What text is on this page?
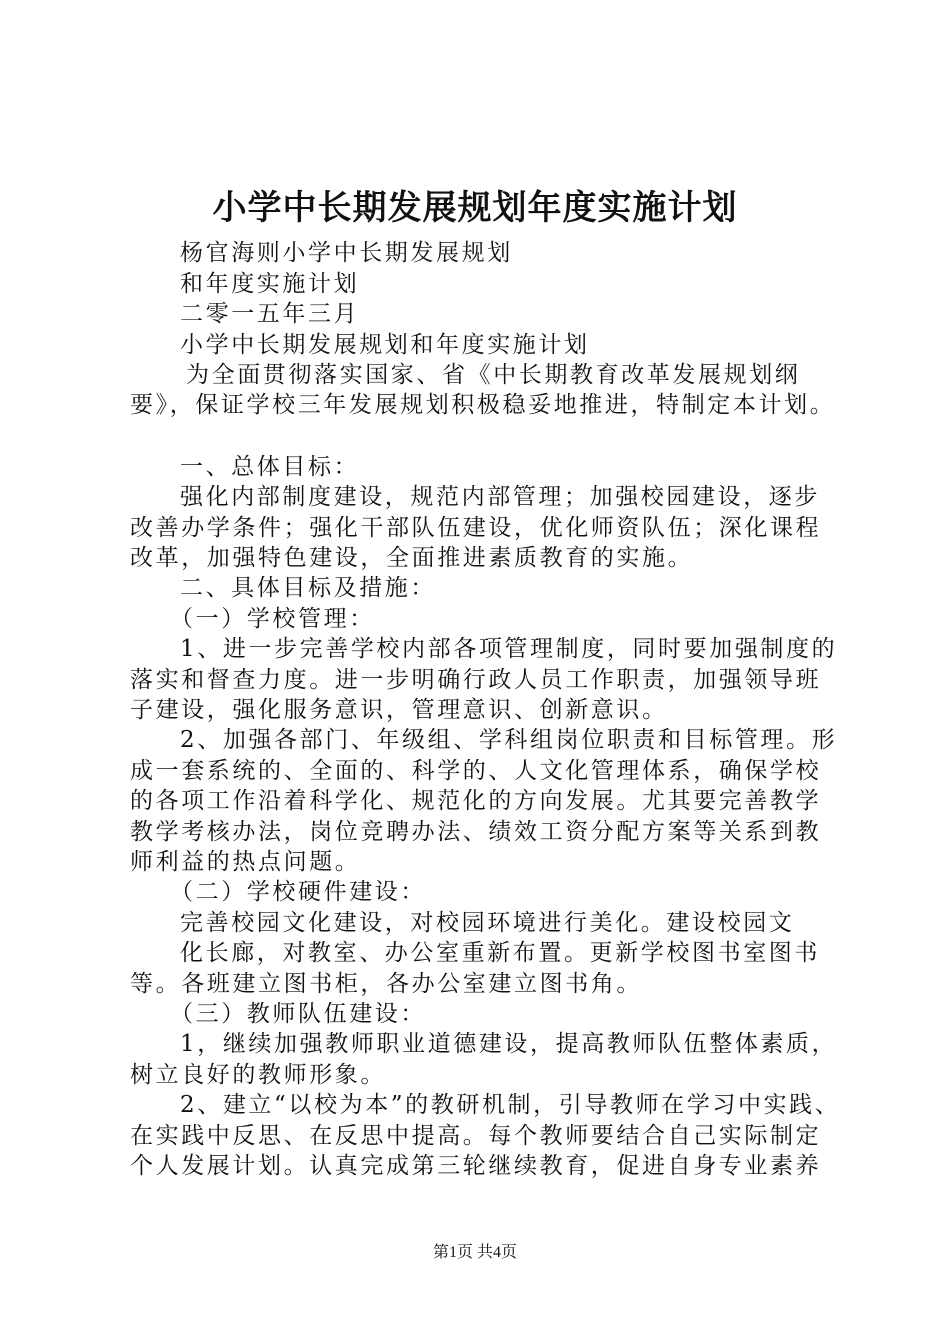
小学中长期发展规划年度实施计划
杨官海则小学中长期发展规划
和年度实施计划
二零一五年三月
小学中长期发展规划和年度实施计划
为全面贯彻落实国家、省《中长期教育改革发展规划纲
要》，保证学校三年发展规划积极稳妥地推进，特制定本计划。
一、总体目标：
强化内部制度建设，规范内部管理；加强校园建设，逐步
改善办学条件；强化干部队伍建设，优化师资队伍；深化课程
改革，加强特色建设，全面推进素质教育的实施。
二、具体目标及措施：
（一）学校管理：
1、进一步完善学校内部各项管理制度，同时要加强制度的
落实和督查力度。进一步明确行政人员工作职责，加强领导班
子建设，强化服务意识，管理意识、创新意识。
2、加强各部门、年级组、学科组岗位职责和目标管理。形
成一套系统的、全面的、科学的、人文化管理体系，确保学校
的各项工作沿着科学化、规范化的方向发展。尤其要完善教学
教学考核办法，岗位竞聘办法、绩效工资分配方案等关系到教
师利益的热点问题。
（二）学校硬件建设：
完善校园文化建设，对校园环境进行美化。建设校园文
化长廊，对教室、办公室重新布置。更新学校图书室图书
等。各班建立图书柜，各办公室建立图书角。
（三）教师队伍建设：
1，继续加强教师职业道德建设，提高教师队伍整体素质，
树立良好的教师形象。
2、建立“以校为本”的教研机制，引导教师在学习中实践、
在实践中反思、在反思中提高。每个教师要结合自己实际制定
个人发展计划。认真完成第三轮继续教育，促进自身专业素养
第1页 共4页
